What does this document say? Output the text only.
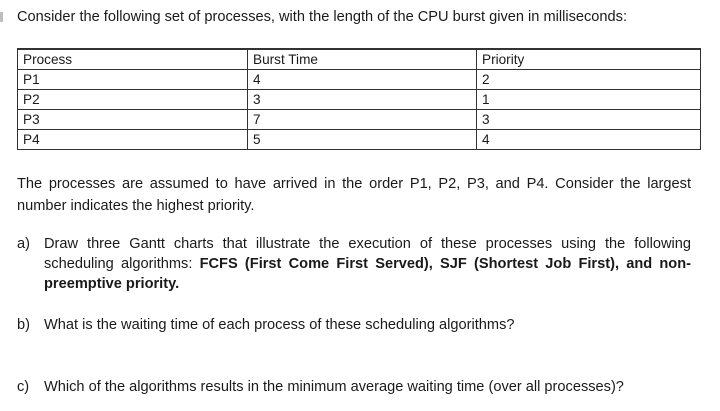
Consider the following set of processes, with the length of the CPU burst given in milliseconds:
Process	Burst Time	Priority
P1	4	2
P2	3	1
P3	7	3
P4	5	4
The processes are assumed to have arrived in the order P1, P2, P3, and P4. Consider the largest
number indicates the highest priority.
a) Draw three Gantt charts that illustrate the execution of these processes using the following
scheduling algorithms: FCFS (First Come First Served), SJF (Shortest Job First), and non-
preemptive priority.
b) What is the waiting time of each process of these scheduling algorithms?
c) Which of the algorithms results in the minimum average waiting time (over all processes)?
